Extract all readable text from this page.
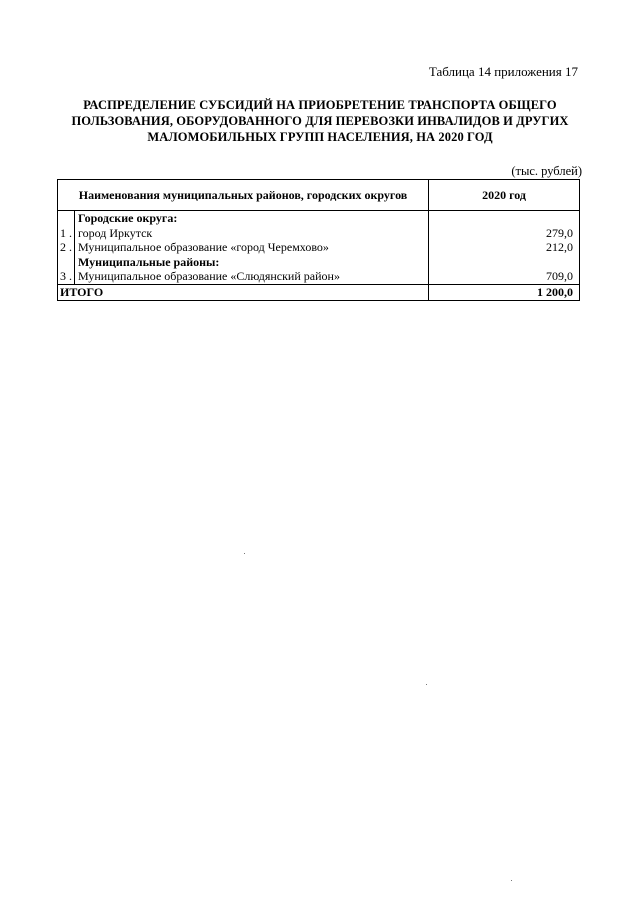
Таблица 14 приложения 17
РАСПРЕДЕЛЕНИЕ СУБСИДИЙ НА ПРИОБРЕТЕНИЕ ТРАНСПОРТА ОБЩЕГО
ПОЛЬЗОВАНИЯ, ОБОРУДОВАННОГО ДЛЯ ПЕРЕВОЗКИ ИНВАЛИДОВ И ДРУГИХ
МАЛОМОБИЛЬНЫХ ГРУПП НАСЕЛЕНИЯ, НА 2020 ГОД
(тыс. рублей)
Наименования муниципальных районов, городских округов		2020 год
	Городские округа:	
1 .	город Иркутск	279,0
2 .	Муниципальное образование «город Черемхово»	212,0
	Муниципальные районы:	
3 .	Муниципальное образование «Слюдянский район»	709,0
ИТОГО		1 200,0
